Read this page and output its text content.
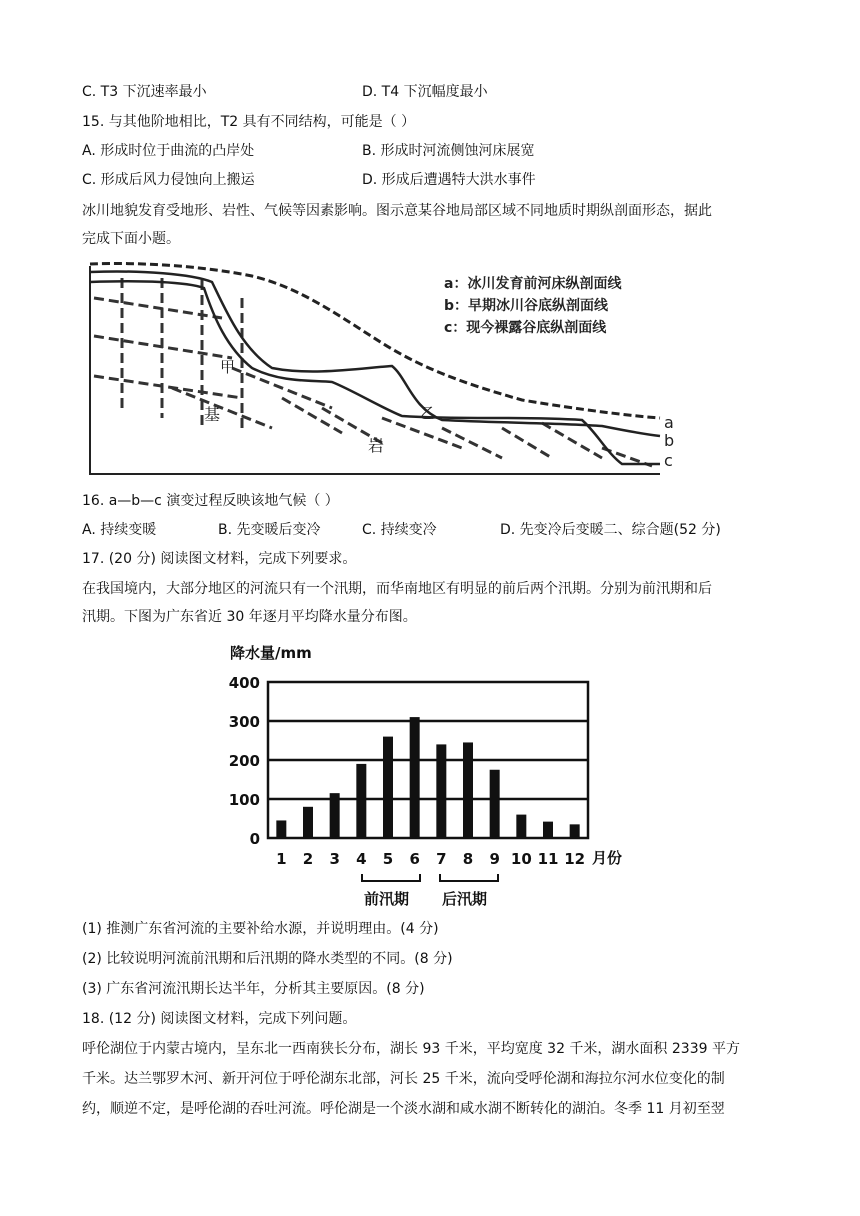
C. T3 下沉速率最小	D. T4 下沉幅度最小
15. 与其他阶地相比，T2 具有不同结构，可能是（ ）
A. 形成时位于曲流的凸岸处	B. 形成时河流侧蚀河床展宽
C. 形成后风力侵蚀向上搬运	D. 形成后遭遇特大洪水事件
冰川地貌发育受地形、岩性、气候等因素影响。图示意某谷地局部区域不同地质时期纵剖面形态，据此
完成下面小题。
甲
乙
基
岩
a
b
c
a：冰川发育前河床纵剖面线
b：早期冰川谷底纵剖面线
c：现今裸露谷底纵剖面线
16. a—b—c 演变过程反映该地气候（ ）
A. 持续变暖	B. 先变暖后变冷	C. 持续变冷	D. 先变冷后变暖二、综合题(52 分)
17. (20 分) 阅读图文材料，完成下列要求。
在我国境内，大部分地区的河流只有一个汛期，而华南地区有明显的前后两个汛期。分别为前汛期和后
汛期。下图为广东省近 30 年逐月平均降水量分布图。
降水量/mm
0
100
200
300
400
1 2 3 4 5 6 7 8 9 10 11 12 月份
前汛期 后汛期
(1) 推测广东省河流的主要补给水源，并说明理由。(4 分)
(2) 比较说明河流前汛期和后汛期的降水类型的不同。(8 分)
(3) 广东省河流汛期长达半年，分析其主要原因。(8 分)
18. (12 分) 阅读图文材料，完成下列问题。
呼伦湖位于内蒙古境内，呈东北一西南狭长分布，湖长 93 千米，平均宽度 32 千米，湖水面积 2339 平方
千米。达兰鄂罗木河、新开河位于呼伦湖东北部，河长 25 千米，流向受呼伦湖和海拉尔河水位变化的制
约，顺逆不定，是呼伦湖的吞吐河流。呼伦湖是一个淡水湖和咸水湖不断转化的湖泊。冬季 11 月初至翌
